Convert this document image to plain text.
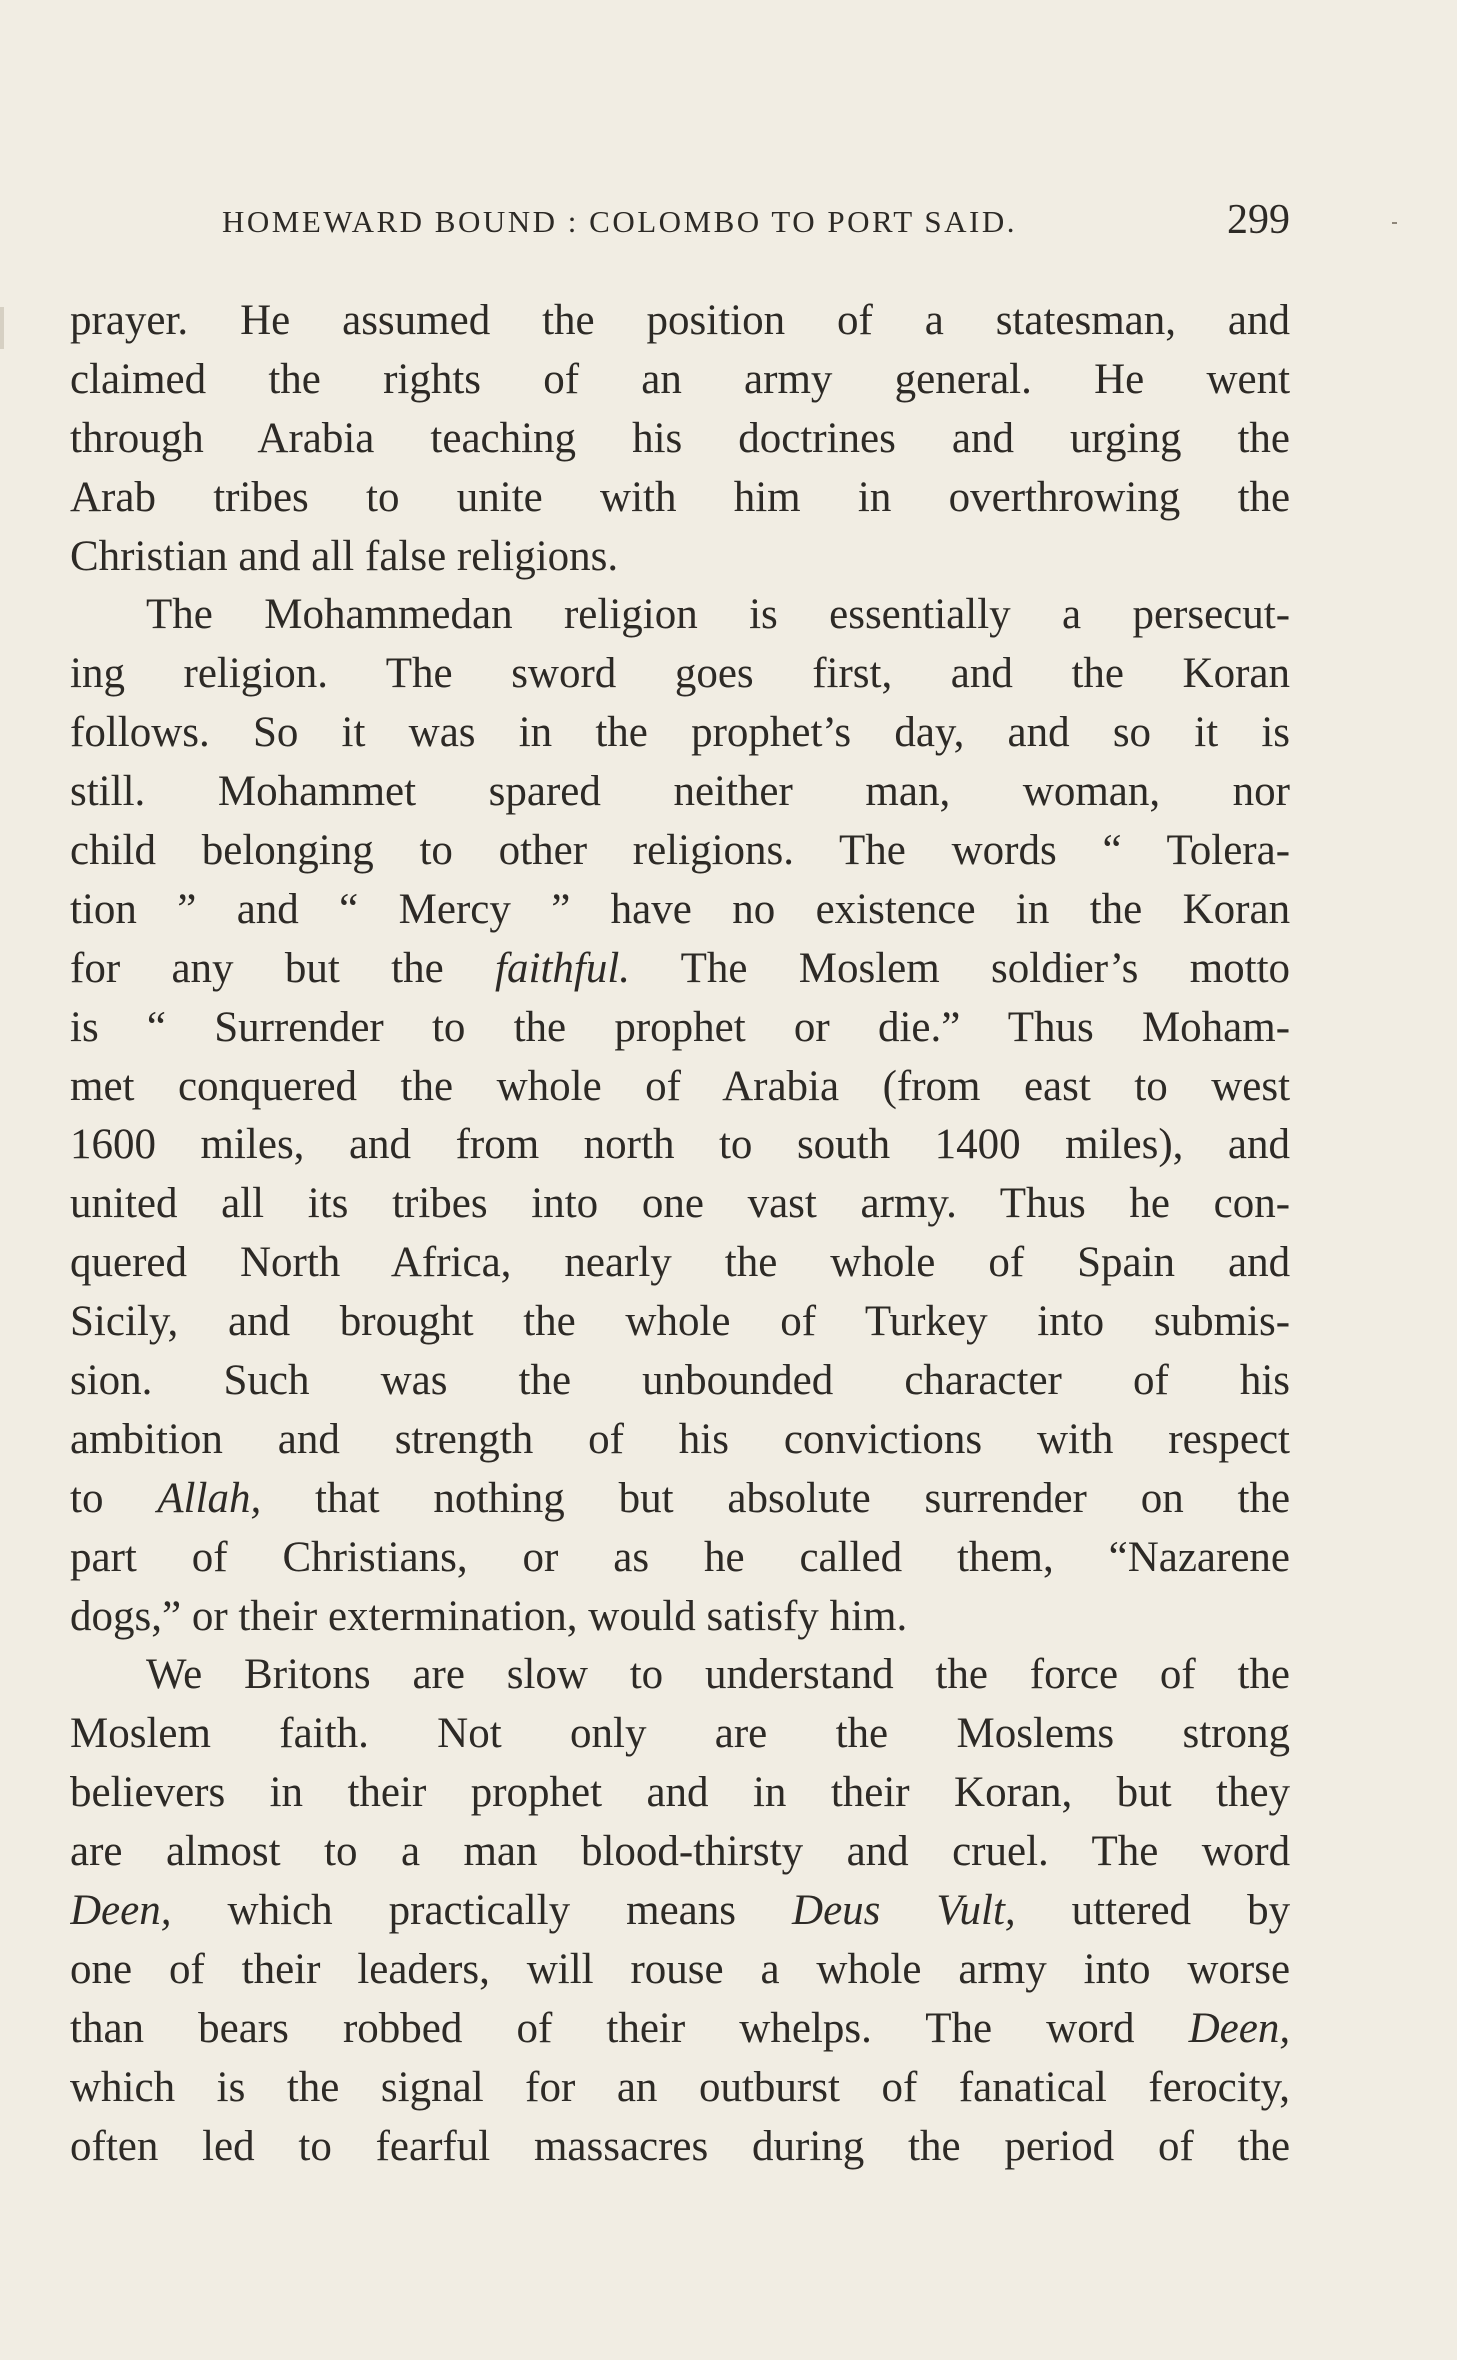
HOMEWARD BOUND : COLOMBO TO PORT SAID.	299
prayer. He assumed the position of a statesman, and
claimed the rights of an army general. He went
through Arabia teaching his doctrines and urging the
Arab tribes to unite with him in overthrowing the
Christian and all false religions.
The Mohammedan religion is essentially a persecut-
ing religion. The sword goes first, and the Koran
follows. So it was in the prophet’s day, and so it is
still. Mohammet spared neither man, woman, nor
child belonging to other religions. The words “ Tolera-
tion ” and “ Mercy ” have no existence in the Koran
for any but the faithful. The Moslem soldier’s motto
is “ Surrender to the prophet or die.” Thus Moham-
met conquered the whole of Arabia (from east to west
1600 miles, and from north to south 1400 miles), and
united all its tribes into one vast army. Thus he con-
quered North Africa, nearly the whole of Spain and
Sicily, and brought the whole of Turkey into submis-
sion. Such was the unbounded character of his
ambition and strength of his convictions with respect
to Allah, that nothing but absolute surrender on the
part of Christians, or as he called them, “Nazarene
dogs,” or their extermination, would satisfy him.
We Britons are slow to understand the force of the
Moslem faith. Not only are the Moslems strong
believers in their prophet and in their Koran, but they
are almost to a man blood-thirsty and cruel. The word
Deen, which practically means Deus Vult, uttered by
one of their leaders, will rouse a whole army into worse
than bears robbed of their whelps. The word Deen,
which is the signal for an outburst of fanatical ferocity,
often led to fearful massacres during the period of the
